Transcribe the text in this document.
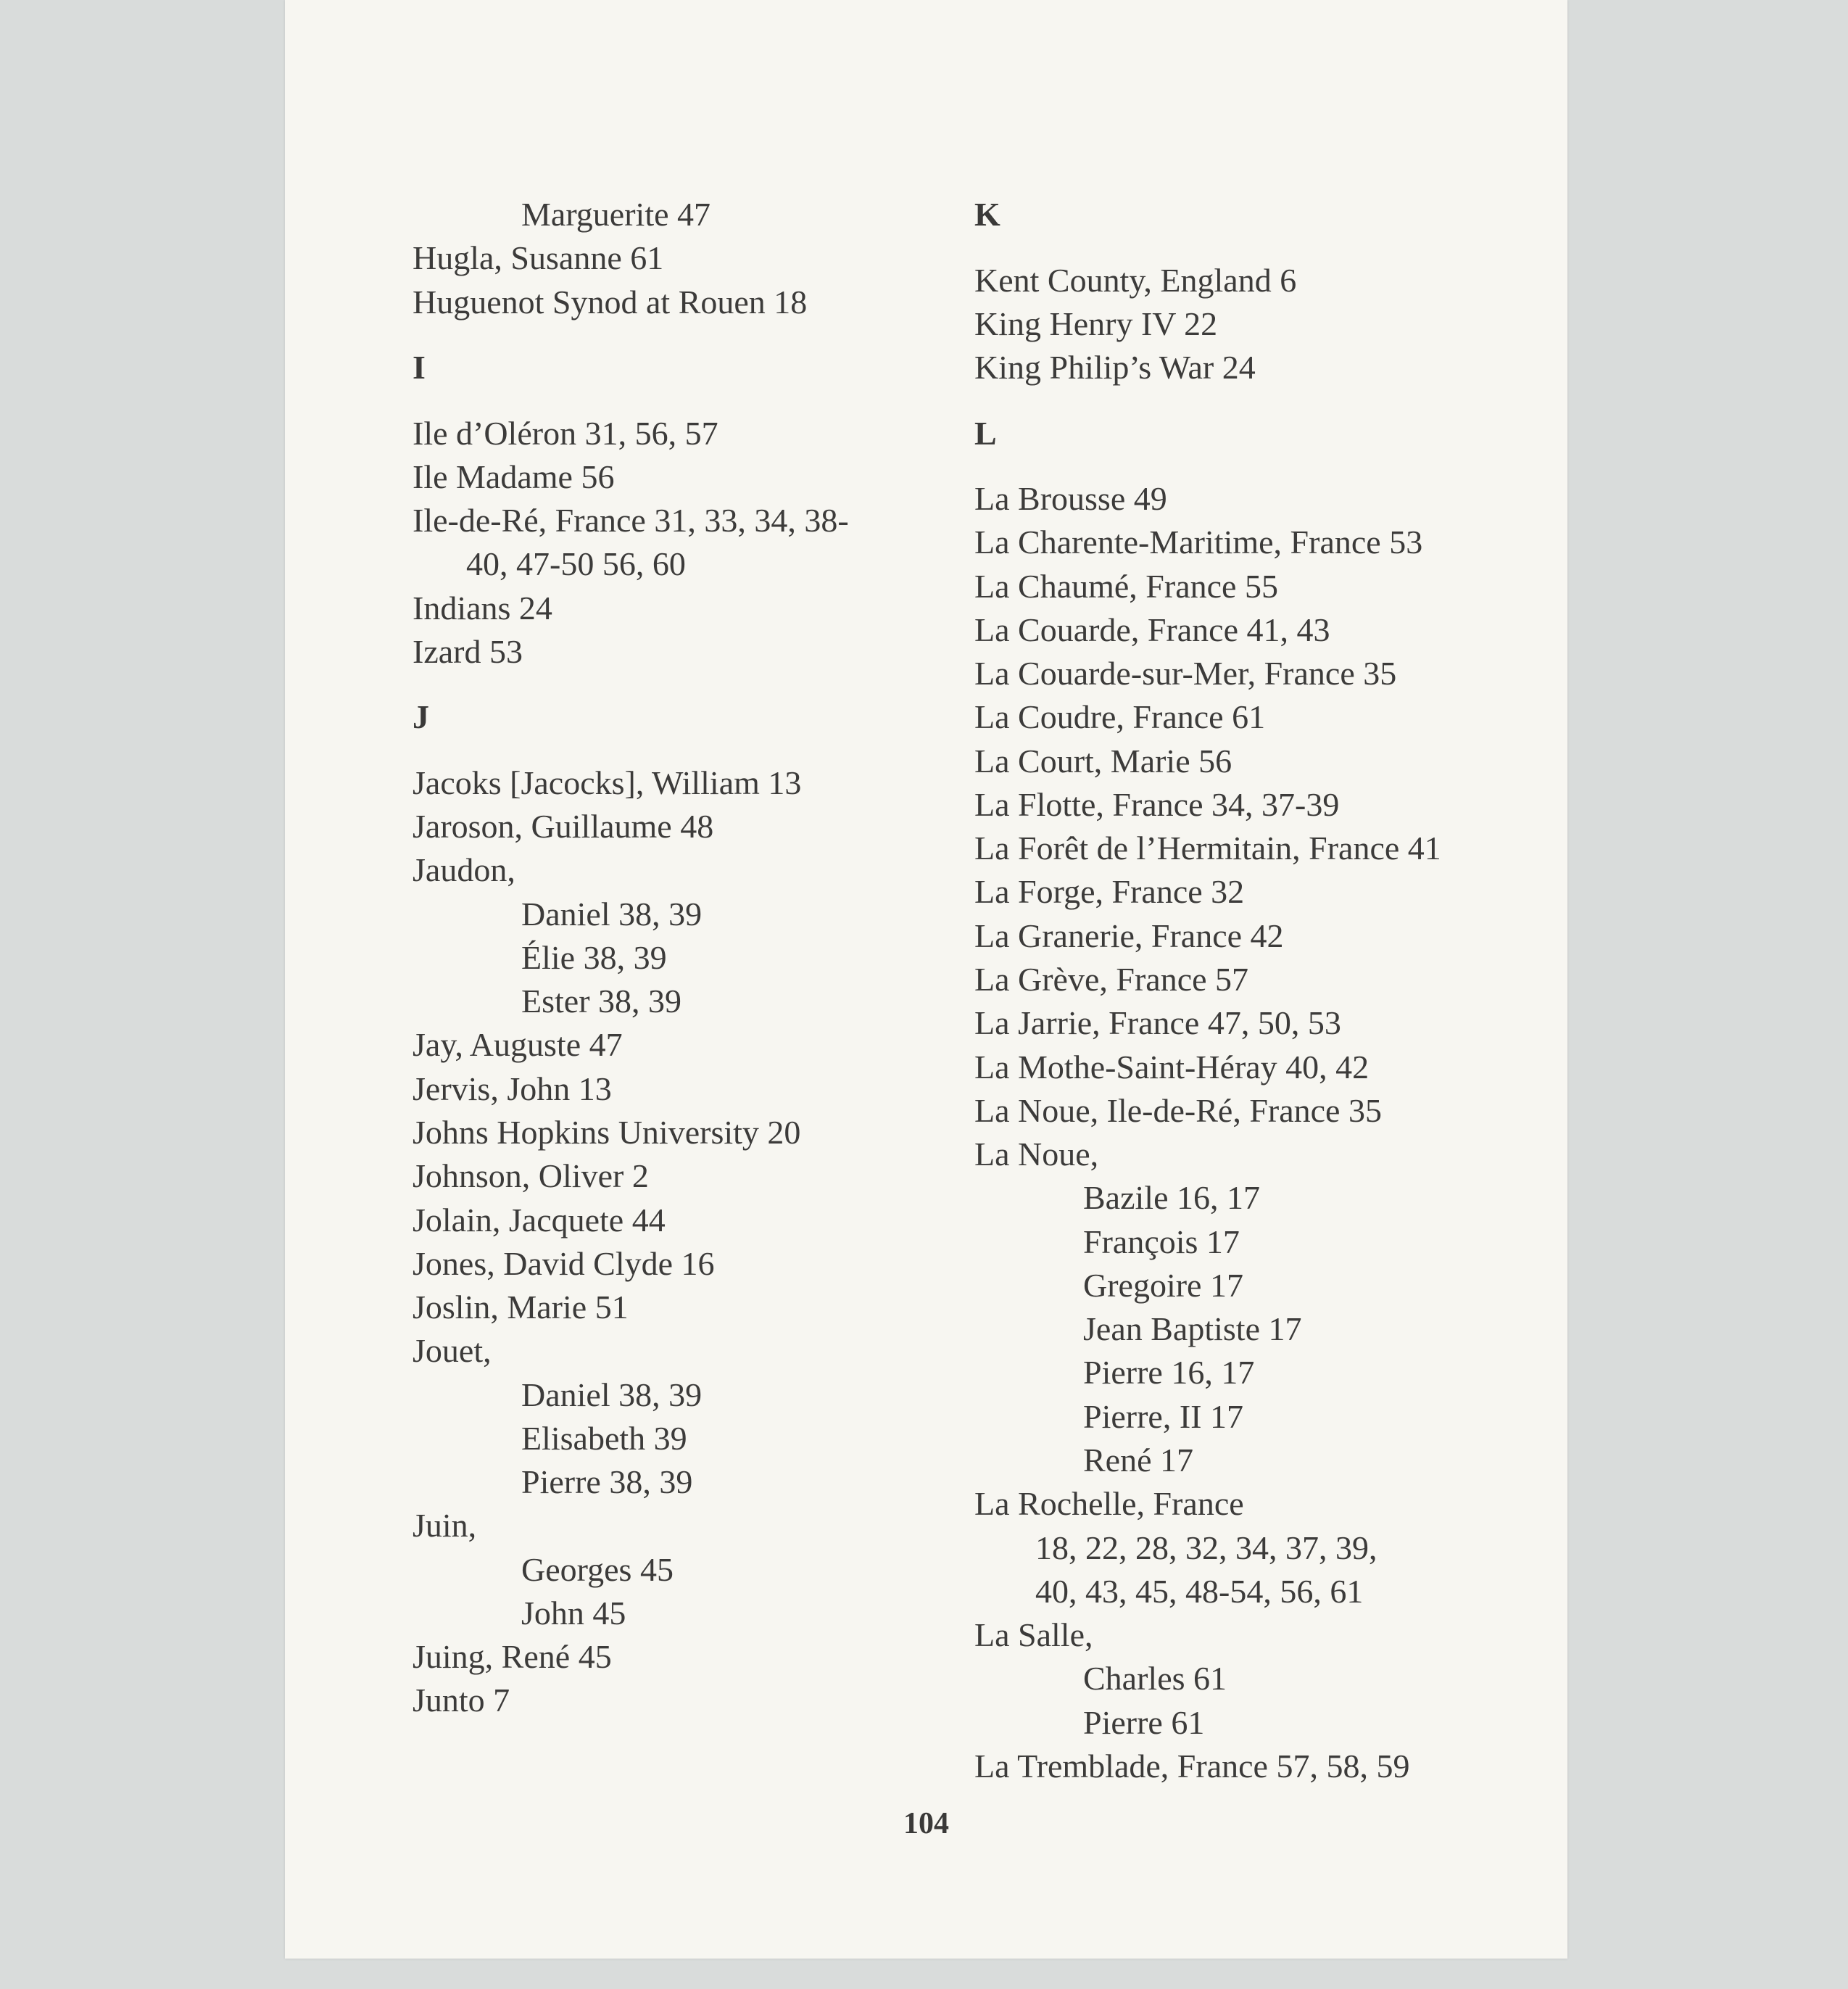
Marguerite 47
Hugla, Susanne 61
Huguenot Synod at Rouen 18
I
Ile d’Oléron 31, 56, 57
Ile Madame 56
Ile-de-Ré, France 31, 33, 34, 38-
40, 47-50 56, 60
Indians 24
Izard 53
J
Jacoks [Jacocks], William 13
Jaroson, Guillaume 48
Jaudon,
Daniel 38, 39
Élie 38, 39
Ester 38, 39
Jay, Auguste 47
Jervis, John 13
Johns Hopkins University 20
Johnson, Oliver 2
Jolain, Jacquete 44
Jones, David Clyde 16
Joslin, Marie 51
Jouet,
Daniel 38, 39
Elisabeth 39
Pierre 38, 39
Juin,
Georges 45
John 45
Juing, René 45
Junto 7
K
Kent County, England 6
King Henry IV 22
King Philip’s War 24
L
La Brousse 49
La Charente-Maritime, France 53
La Chaumé, France 55
La Couarde, France 41, 43
La Couarde-sur-Mer, France 35
La Coudre, France 61
La Court, Marie 56
La Flotte, France 34, 37-39
La Forêt de l’Hermitain, France 41
La Forge, France 32
La Granerie, France 42
La Grève, France 57
La Jarrie, France 47, 50, 53
La Mothe-Saint-Héray 40, 42
La Noue, Ile-de-Ré, France 35
La Noue,
Bazile 16, 17
François 17
Gregoire 17
Jean Baptiste 17
Pierre 16, 17
Pierre, II 17
René 17
La Rochelle, France
18, 22, 28, 32, 34, 37, 39,
40, 43, 45, 48-54, 56, 61
La Salle,
Charles 61
Pierre 61
La Tremblade, France 57, 58, 59
104
